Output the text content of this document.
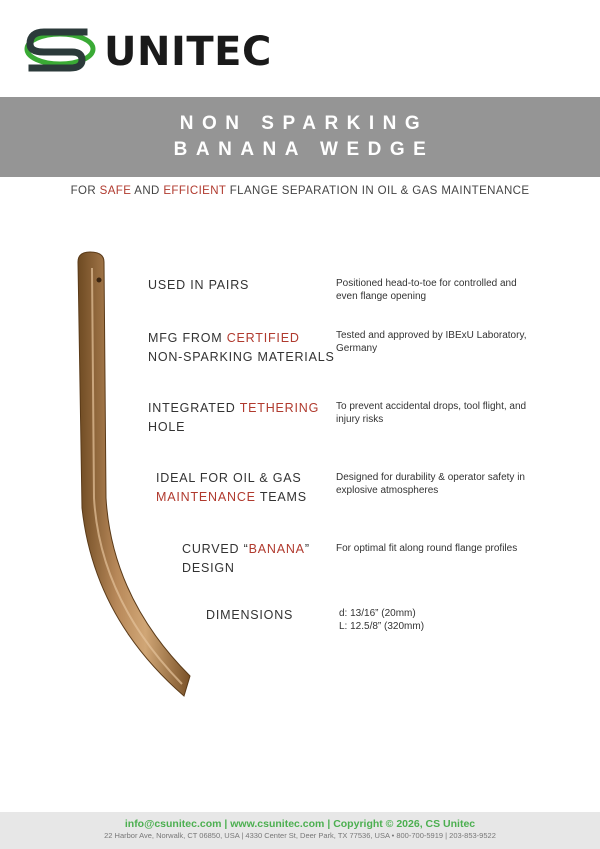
UNITEC
NON SPARKING
BANANA WEDGE
FOR SAFE AND EFFICIENT FLANGE SEPARATION IN OIL & GAS MAINTENANCE
USED IN PAIRS	Positioned head-to-toe for controlled and even flange opening
MFG FROM CERTIFIED
NON-SPARKING MATERIALS
Tested and approved by IBExU Laboratory, Germany
INTEGRATED TETHERING
HOLE
To prevent accidental drops, tool flight, and injury risks
IDEAL FOR OIL & GAS
MAINTENANCE TEAMS
Designed for durability & operator safety in explosive atmospheres
CURVED “BANANA”
DESIGN
For optimal fit along round flange profiles
DIMENSIONS	d: 13/16” (20mm)
L: 12.5/8” (320mm)
info@csunitec.com | www.csunitec.com | Copyright © 2026, CS Unitec
22 Harbor Ave, Norwalk, CT 06850, USA | 4330 Center St, Deer Park, TX 77536, USA • 800-700-5919 | 203-853-9522
